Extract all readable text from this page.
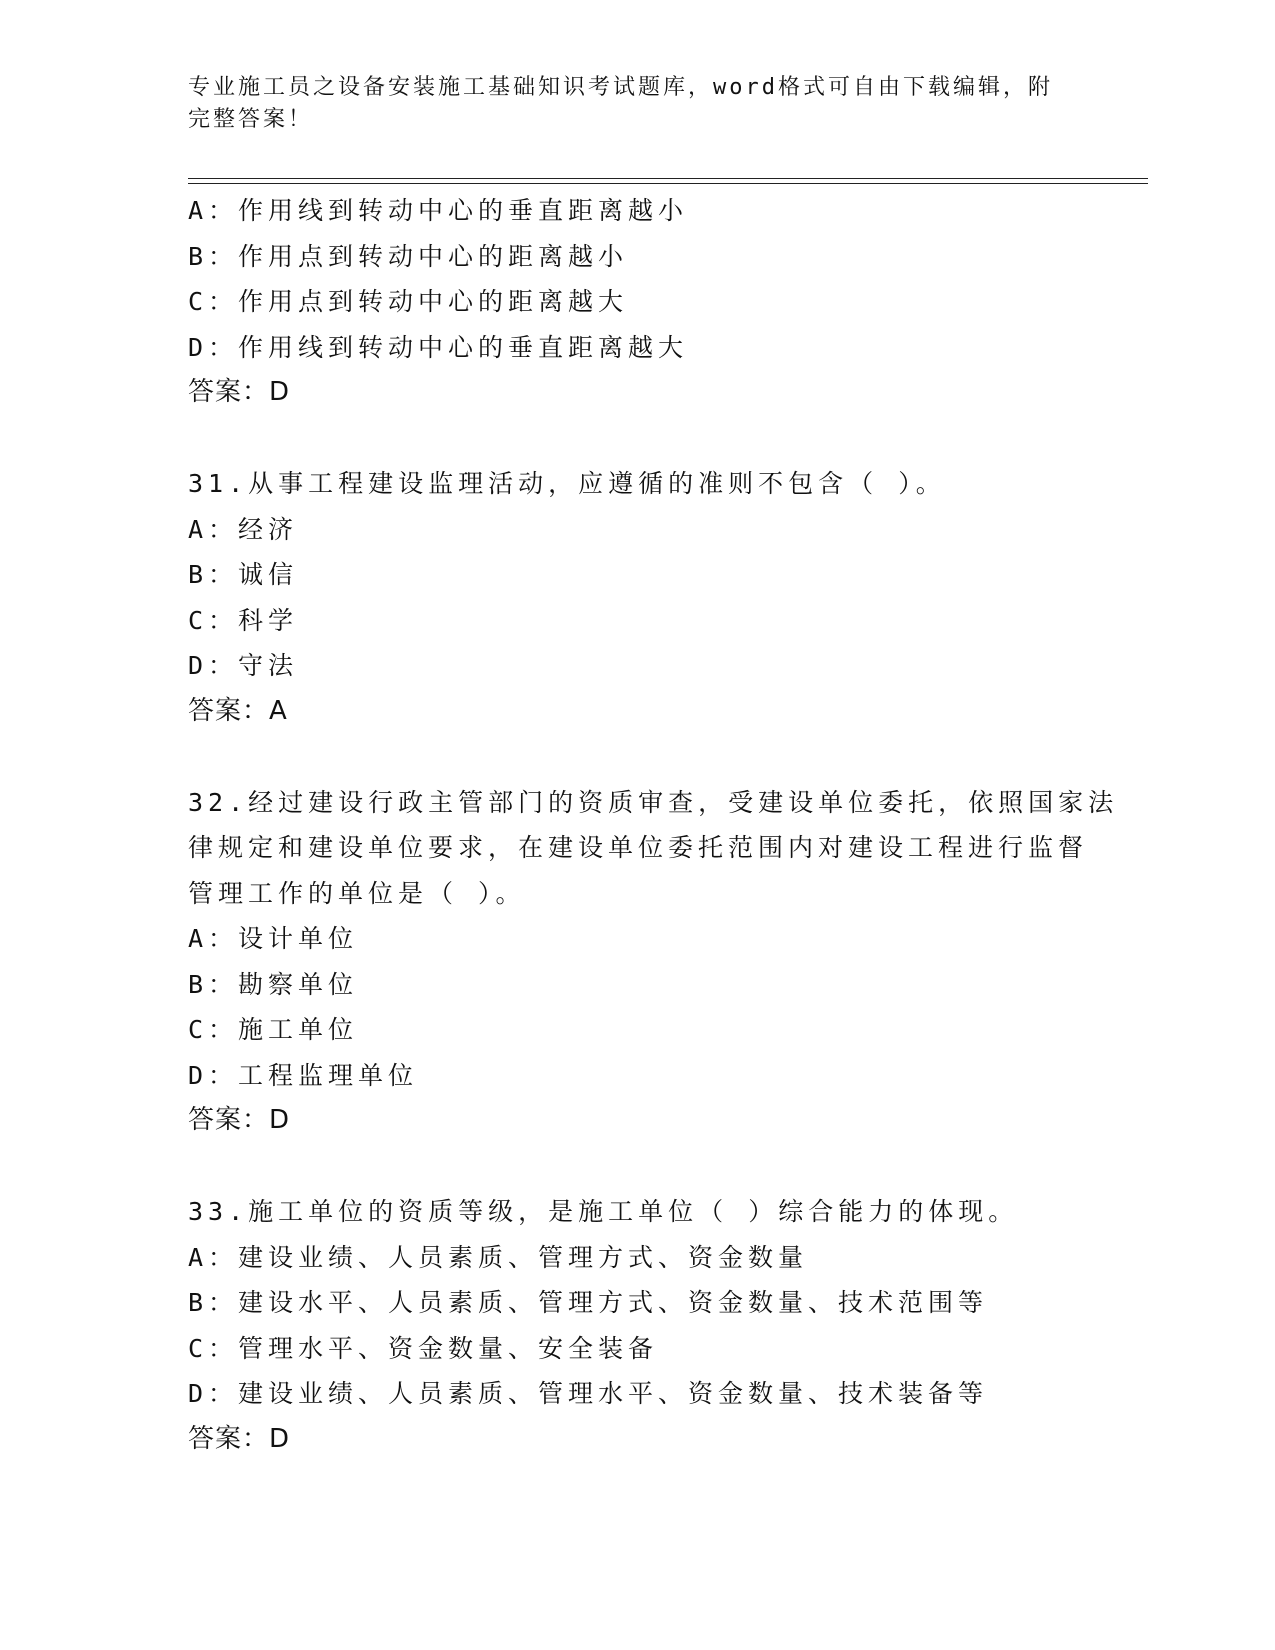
专业施工员之设备安装施工基础知识考试题库，word格式可自由下载编辑，附完整答案！
A：作用线到转动中心的垂直距离越小
B：作用点到转动中心的距离越小
C：作用点到转动中心的距离越大
D：作用线到转动中心的垂直距离越大
答案：D
31.从事工程建设监理活动，应遵循的准则不包含（ ）。
A：经济
B：诚信
C：科学
D：守法
答案：A
32.经过建设行政主管部门的资质审查，受建设单位委托，依照国家法
律规定和建设单位要求，在建设单位委托范围内对建设工程进行监督
管理工作的单位是（ ）。
A：设计单位
B：勘察单位
C：施工单位
D：工程监理单位
答案：D
33.施工单位的资质等级，是施工单位（ ）综合能力的体现。
A：建设业绩、人员素质、管理方式、资金数量
B：建设水平、人员素质、管理方式、资金数量、技术范围等
C：管理水平、资金数量、安全装备
D：建设业绩、人员素质、管理水平、资金数量、技术装备等
答案：D
